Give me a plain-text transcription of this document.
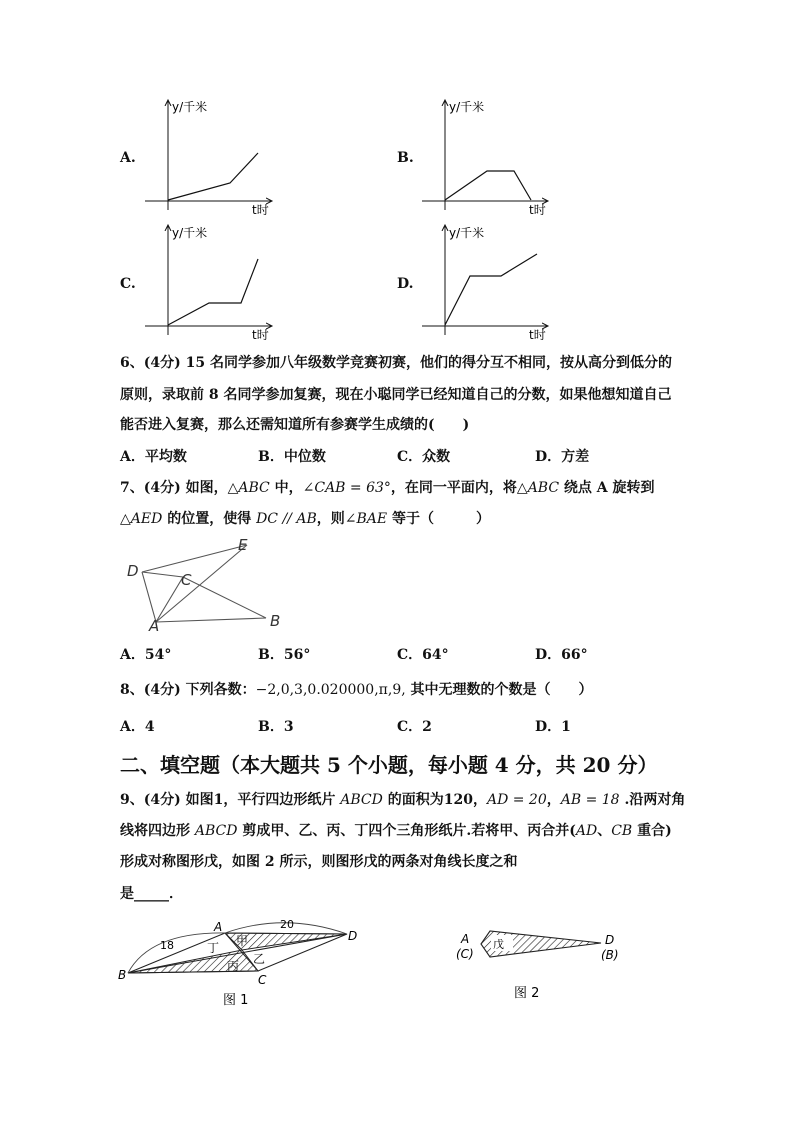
A.	B.
C.	D.
y/千米
t时
y/千米
t时
y/千米
t时
y/千米
t时
6、(4分) 15 名同学参加八年级数学竞赛初赛，他们的得分互不相同，按从高分到低分的
原则，录取前 8 名同学参加复赛，现在小聪同学已经知道自己的分数，如果他想知道自己
能否进入复赛，那么还需知道所有参赛学生成绩的(　　)
A．平均数	B．中位数	C．众数	D．方差
7、(4分) 如图，△ABC 中，∠CAB = 63°，在同一平面内，将△ABC 绕点 A 旋转到
△AED 的位置，使得 DC // AB，则∠BAE 等于（　　　）
D
E
C
A	B
A．54°	B．56°	C．64°	D．66°
8、(4分) 下列各数：−2,0,3,0.020000,π,9, 其中无理数的个数是（　　）
A．4	B．3	C．2	D．1
二、填空题（本大题共 5 个小题，每小题 4 分，共 20 分）
9、(4分) 如图1，平行四边形纸片 ABCD 的面积为120，AD = 20，AB = 18 .沿两对角
线将四边形 ABCD 剪成甲、乙、丙、丁四个三角形纸片.若将甲、丙合并(AD、CB 重合)
形成对称图形戊，如图 2 所示，则图形戊的两条对角线长度之和
是_____．
18
20
A
B	C
D
甲
丁
丙 乙
图 1
戊
A
(C)
D
(B)
图 2
